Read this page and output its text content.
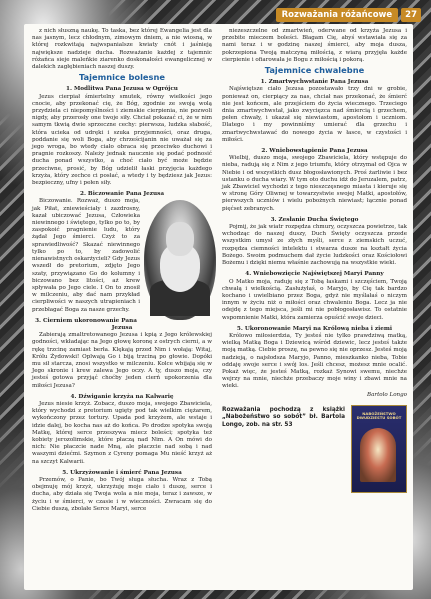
Rozważania różańcowe	27

z nich słuszną naukę. To taska, bez której Ewangelia jest dla nas jasnym, lecz chłodnym, zimowym dniem, a nie wiosną, w której rozkwitają najwspanialsze kwiaty cnót i jaśnieją największe nadzieje ducha. Rozważanie każdej z tajemnic różańca sieje maleńkie ziarenko doskonałości ewangelicznej w dalekich zagłębieniach naszej duszy.

Tajemnice bolesne
1. Modlitwa Pana Jezusa w Ogrójcu

Jezus cierpiał śmiertelny smutek, równy wielkości jego cnocie, aby przekonać cię, że Bóg, zgodnie ze swoją wolą przydziela ci niepomyślności i ziemskie cierpienia, nie pozwoli nigdy, aby przerosły one twoje siły. Chciał pokazać ci, że w nim samym tkwią dwie sprzeczne cechy: pierwsza, ludzka słabość, która ucieka od udręki i szuka przyjemności, oraz druga, poddanie się woli Boga, aby chrześcijanin nie uważał się za jego wroga, bo wtedy ciało obraca się przeciwko duchowi i pragnie rozkoszy. Należy jednak naucznie się podać podnosić ducha ponad wszystko, a choć ciało być może będzie przeciwne, prosić, by Bóg udzielił łaski przyjęcia każdego krzyża, który zechce ci posłać, a wtedy i ty będziesz jak Jezus: bezpieczny, ufny i pełen siły.

2. Biczowanie Pana Jezusa

Biczowanie. Rozważ, duszo moja, jak Piłat, zniewieściały i zazdrosny, kazał ubiczować Jezusa, Człowieka niewinnego i świętego, tylko po to, by zaspokoić pragnienie ludu, który żądał Jego śmierci. Czyż to za sprawiedliwość? Skazać niewinnego tylko po to, by zadowolić nienawistnych oskarżycieli? Gdy Jezus wszedł do pretorium, zdjęto Jego szaty, przywiązano Go do kolumny i biczowano bez litości, aż krew spływała po Jego ciele. I On to znosił w milczeniu, aby dać nam przykład cierpliwości w naszych utrapieniach i przebłagać Boga za nasze grzechy.

3. Cierniem ukoronowanie Pana Jezusa

Zabierają zmaltretowanego Jezusa i kpią z Jego królewskiej godności, wkładając na Jego głowę koronę z ostrych cierni, a w rękę trzcinę zamiast berła. Klękają przed Nim i wołają: Witaj, Królu Żydowski! Oplwają Go i biją trzciną po głowie. Dopóki mu sił starcza, znosi wszystko w milczeniu. Kolce wbijają się w Jego skronie i krew zalewa Jego oczy. A ty, duszo moja, czy jesteś gotowa przyjąć choćby jeden cierń upokorzenia dla miłości Jezusa?

4. Dźwiganie krzyża na Kalwarię

Jezus niesie krzyż. Zobacz, duszo moja, swojego Zbawiciela, który wychodzi z pretorium ugięty pod tak wielkim ciężarem, wykończony przez tortury. Upada pod krzyżem, ale wstaje i idzie dalej, bo kocha nas aż do końca. Po drodze spotyka swoją Matkę, której serce przeszywa miecz boleści; spotyka też kobiety jerozolimskie, które płaczą nad Nim. A On mówi do nich: Nie płaczcie nade Mną, ale płaczcie nad sobą i nad waszymi dziećmi. Szymon z Cyreny pomaga Mu nieść krzyż aż na szczyt Kalwarii.

5. Ukrzyżowanie i śmierć Pana Jezusa

Przemów, o Panie, bo Twój sługa słucha. Wraz z Tobą obejmuję mój krzyż, ukrzyżuję moje ciało i duszę, serce i ducha, aby działa się Twoja wola a nie moja, teraz i zawsze, w życiu i w śmierci, w czasie i w wieczności. Zwracam się do Ciebie duszą, zbolałe Serce Maryi, serce

niezeszczelne od zmartwień, oderwane od krzyża Jezusa i przebite mieczem boleści. Błagam Cię, abyś wstawiała się za nami teraz i w godzinę naszej śmierci, aby moja dusza, pokrzepiona Twoją matczyną miłością, z wiarą przyjęła każde cierpienie i ofiarowała je Bogu z miłością i pokorą.

Tajemnice chwalebne
1. Zmartwychwstanie Pana Jezusa

Najświętsze ciało Jezusa pozostawało trzy dni w grobie, ponieważ on, cierpiący za nas, chciał nas przekonać, że śmierć nie jest końcem, ale przejściem do życia wiecznego. Trzeciego dnia zmartwychwstał, jako zwycięzca nad śmiercią i grzechem, pełen chwały, i ukazał się niewiastom, apostołom i uczniom. Dlatego i my powinniśmy umierać dla grzechu i zmartwychwstawać do nowego życia w łasce, w czystości i miłości.

2. Wniebowstąpienie Pana Jezusa

Wielbij, duszo moja, swojego Zbawiciela, który wstępuje do nieba, radują się z Nim z jego triumfu, który otrzymał od Ojca w Niebie i od wszystkich dusz błogosławionych. Proś żarliwie i bez ustanku o ducha wiary. W tym oto duchu idź do Jeruzalem, patrz, jak Zbawiciel wychodzi z tego nieszczęsnego miasta i kieruje się w stronę Góry Oliwnej w towarzystwie swojej Matki, apostołów, pierwszych uczniów i wielu pobożnych niewiast; łącznie ponad pięćset zebranych.

3. Zesłanie Ducha Świętego

Pojmij, że jak wiatr rozpędza chmury, oczyszcza powietrze, tak wchodząc do naszej duszy, Duch Święty oczyszcza przede wszystkim umysł ze złych myśli, serce z ziemskich uczuć, rozpędza ciemności intelektu i stwarza dusze na kształt życia Bożego. Swoim podmuchem dał życie ludzkości oraz Kościołowi Bożemu i dzięki niemu właśnie zachowują na wszystkie wieki.

4. Wniebowzięcie Najświętszej Maryi Panny

O Matko moja, raduję się z Tobą łaskami i szczęściem, Twoją chwałą i wielkością. Zasłużyłaś, o Maryjo, by Cię tak bardzo kochano i uwielbiano przez Boga, gdyż nie myślałaś o niczym innym w życiu niż o miłości oraz chwaleniu Boga. Lecz ja nie odejdę z tego miejsca, jeśli mi nie pobłogosławisz. To ostatnie wspomnienie Matki, która zamierza opuścić swoje dzieci.

5. Ukoronowanie Maryi na Królową nieba i ziemi

Królowo miłosierdzia, Ty jesteś nie tylko prawdziwą matką, wielką Matką Boga i Dziewicą wśród dziewic, lecz jesteś także moją matką. Ciebie proszę, na pewno się nie oprzesz. Jesteś moją nadzieją, o najsłodsza Maryjo, Panno, mieszkanko nieba, Tobie oddaję swoje serce i swój los. Jeśli chcesz, możesz mnie ocalić. Pokaż więc, że jesteś Matką, rozkaż Synowi swemu, niechże wejrzy na mnie, niechże przebaczy moje winy i zbawi mnie na wieki.

Bartolo Longo
Rozważania pochodzą z książki „Nabożeństwo so sobót” bł. Bartola Longo, zob. na str. 53
NABOŻEŃSTWO DWUDZIESTU SOBÓT
